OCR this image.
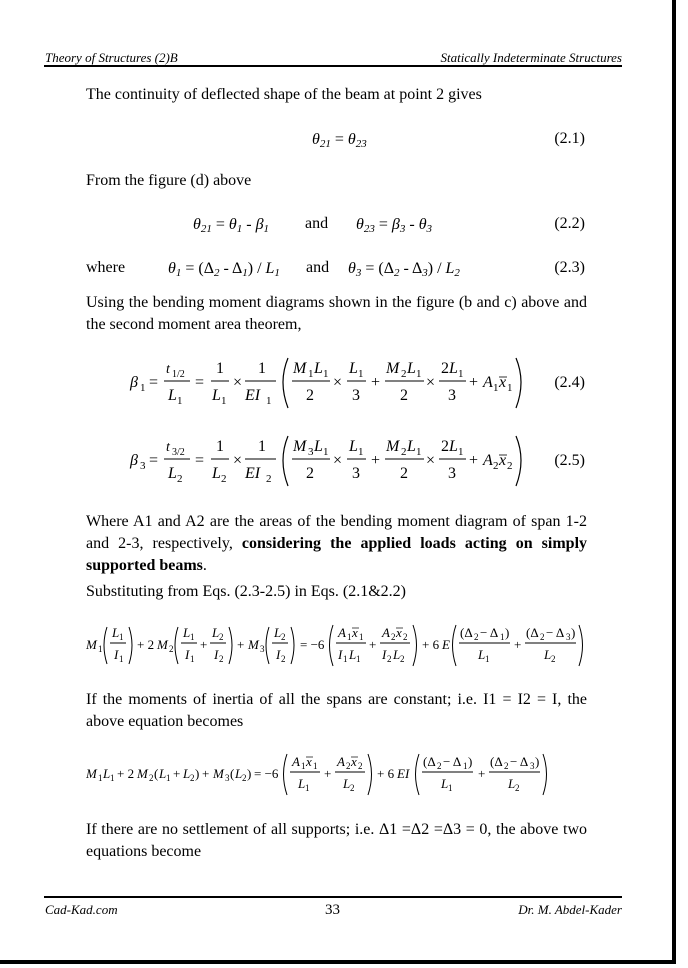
Theory of Structures (2)B	Statically Indeterminate Structures
The continuity of deflected shape of the beam at point 2 gives
$\theta_{21} = \theta_{23}$	(2.1)
From the figure (d) above
$\theta_{21} = \theta_1 - \beta_1$ and $\theta_{23} = \beta_3 - \theta_3$	(2.2)
where	$\theta_1 = (\Delta_2 - \Delta_1) / L_1$ and $\theta_3 = (\Delta_2 - \Delta_3) / L_2$	(2.3)
Using the bending moment diagrams shown in the figure (b and c) above and the second moment area theorem,
β 1 =
t 1/2
L 1
=
1
L 1
×
1
EI 1
M 1 L 1
2
×
L 1
3
+
M 2 L 1
2
×
2 L 1
3
+ A 1 x 1	(2.4)
β 3 =
t 3/2
L 2
=
1
L 2
×
1
EI 2
M 3 L 1
2
×
L 1
3
+
M 2 L 1
2
×
2 L 1
3
+ A 2 x 2	(2.5)
Where A1 and A2 are the areas of the bending moment diagram of span 1-2 and 2-3, respectively, considering the applied loads acting on simply supported beams.
Substituting from Eqs. (2.3-2.5) in Eqs. (2.1&2.2)
M 1
L 1
I 1
+ 2 M 2
L 1
I 1
+
L 2
I 2
+ M 3
L 2
I 2
= −6
A 1 x 1
I 1 L 1
+
A 2 x 2
I 2 L 2
+ 6 E
(Δ 2 − Δ 1 )
L 1
+
(Δ 2 − Δ 3 )
L 2
If the moments of inertia of all the spans are constant; i.e. I1 = I2 = I, the above equation becomes
M 1 L 1 + 2 M 2 ( L 1 + L 2 ) + M 3 ( L 2 ) = −6
A 1 x 1
L 1
+
A 2 x 2
L 2
+ 6 EI
(Δ 2 − Δ 1 )
L 1
+
(Δ 2 − Δ 3 )
L 2
If there are no settlement of all supports; i.e. Δ1 =Δ2 =Δ3 = 0, the above two equations become
Cad-Kad.com	33	Dr. M. Abdel-Kader
